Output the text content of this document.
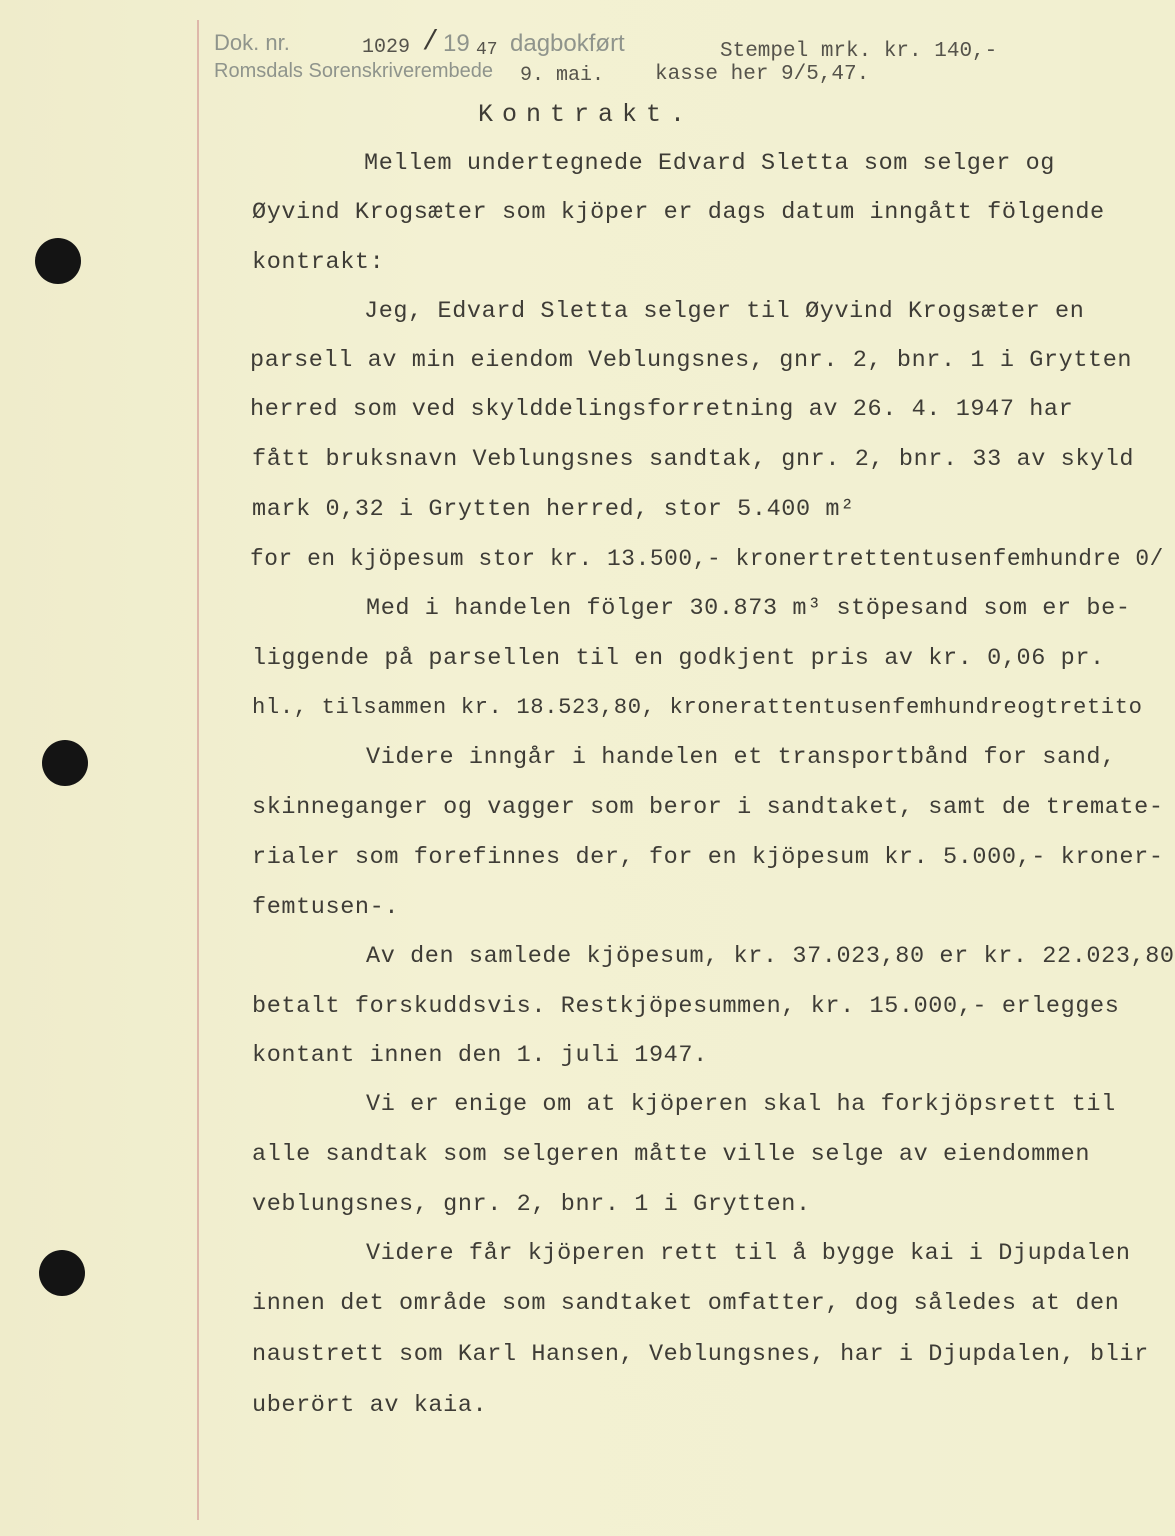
Dok. nr.	1029 / 19 47 dagbokført
Romsdals Sorenskriverembede 9. mai.
Stempel mrk. kr. 140,-
kasse her 9/5,47.
Kontrakt.
Mellem undertegnede Edvard Sletta som selger og
Øyvind Krogsæter som kjöper er dags datum inngått fölgende
kontrakt:
Jeg, Edvard Sletta selger til Øyvind Krogsæter en
parsell av min eiendom Veblungsnes, gnr. 2, bnr. 1 i Grytten
herred som ved skylddelingsforretning av 26. 4. 1947 har
fått bruksnavn Veblungsnes sandtak, gnr. 2, bnr. 33 av skyld
mark 0,32 i Grytten herred, stor 5.400 m²
for en kjöpesum stor kr. 13.500,- kronertrettentusenfemhundre 0/
Med i handelen fölger 30.873 m³ stöpesand som er be-
liggende på parsellen til en godkjent pris av kr. 0,06 pr.
hl., tilsammen kr. 18.523,80, kronerattentusenfemhundreogtretito
Videre inngår i handelen et transportbånd for sand,
skinneganger og vagger som beror i sandtaket, samt de tremate-
rialer som forefinnes der, for en kjöpesum kr. 5.000,- kroner-
femtusen-.
Av den samlede kjöpesum, kr. 37.023,80 er kr. 22.023,80
betalt forskuddsvis. Restkjöpesummen, kr. 15.000,- erlegges
kontant innen den 1. juli 1947.
Vi er enige om at kjöperen skal ha forkjöpsrett til
alle sandtak som selgeren måtte ville selge av eiendommen
veblungsnes, gnr. 2, bnr. 1 i Grytten.
Videre får kjöperen rett til å bygge kai i Djupdalen
innen det område som sandtaket omfatter, dog således at den
naustrett som Karl Hansen, Veblungsnes, har i Djupdalen, blir
uberört av kaia.
